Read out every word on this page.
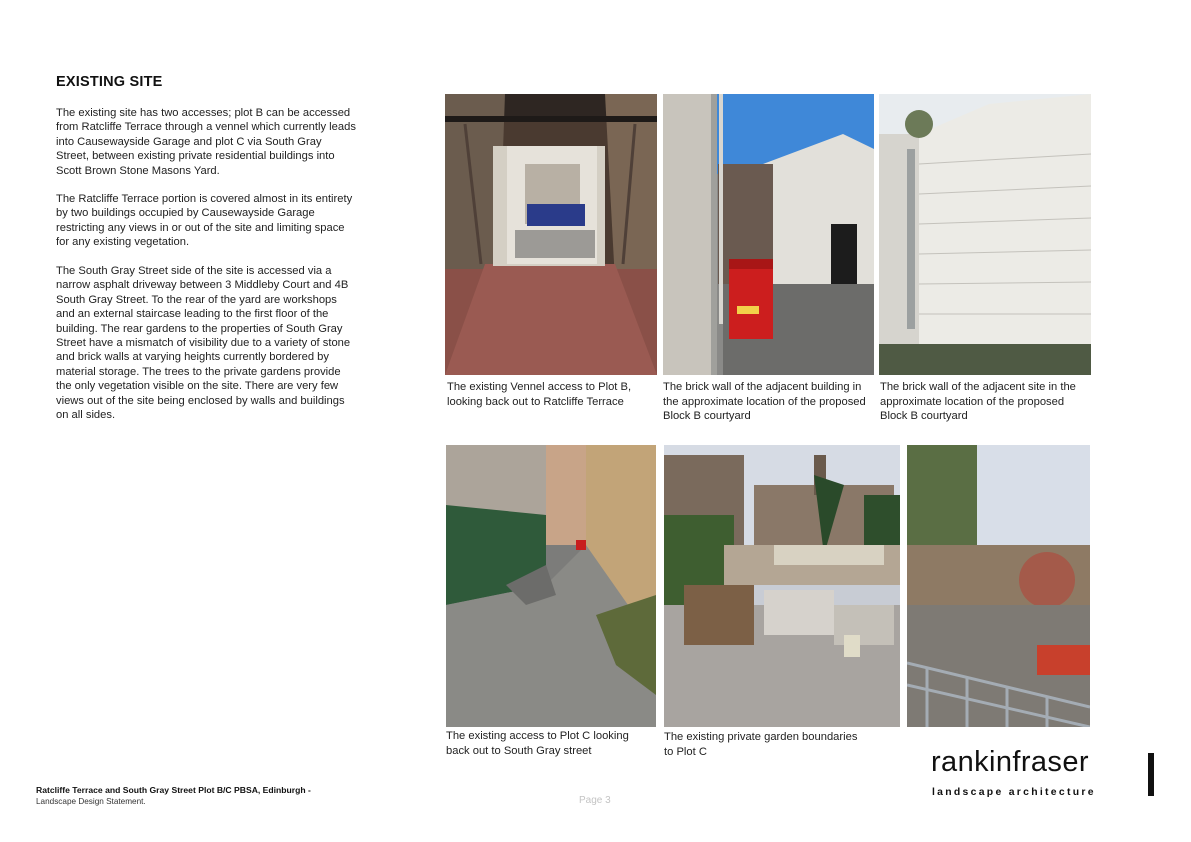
EXISTING SITE

The existing site has two accesses; plot B can be accessed from Ratcliffe Terrace through a vennel which currently leads into Causewayside Garage and plot C via South Gray Street, between existing private residential buildings into Scott Brown Stone Masons Yard.

The Ratcliffe Terrace portion is covered almost in its entirety by two buildings occupied by Causewayside Garage restricting any views in or out of the site and limiting space for any existing vegetation.

The South Gray Street side of the site is accessed via a narrow asphalt driveway between 3 Middleby Court and 4B South Gray Street. To the rear of the yard are workshops and an external staircase leading to the first floor of the building. The rear gardens to the properties of South Gray Street have a mismatch of visibility due to a variety of stone and brick walls at varying heights currently bordered by material storage. The trees to the private gardens provide the only vegetation visible on the site. There are very few views out of the site being enclosed by walls and buildings on all sides.

The existing Vennel access to Plot B, looking back out to Ratcliffe Terrace
The brick wall of the adjacent building in the approximate location of the proposed Block B courtyard
The brick wall of the adjacent site in the approximate location of the proposed Block B courtyard
The existing access to Plot C looking back out to South Gray street
The existing private garden boundaries to Plot C
Ratcliffe Terrace and South Gray Street Plot B/C PBSA, Edinburgh -
Landscape Design Statement.	Page 3
rankinfraser
landscape architecture
